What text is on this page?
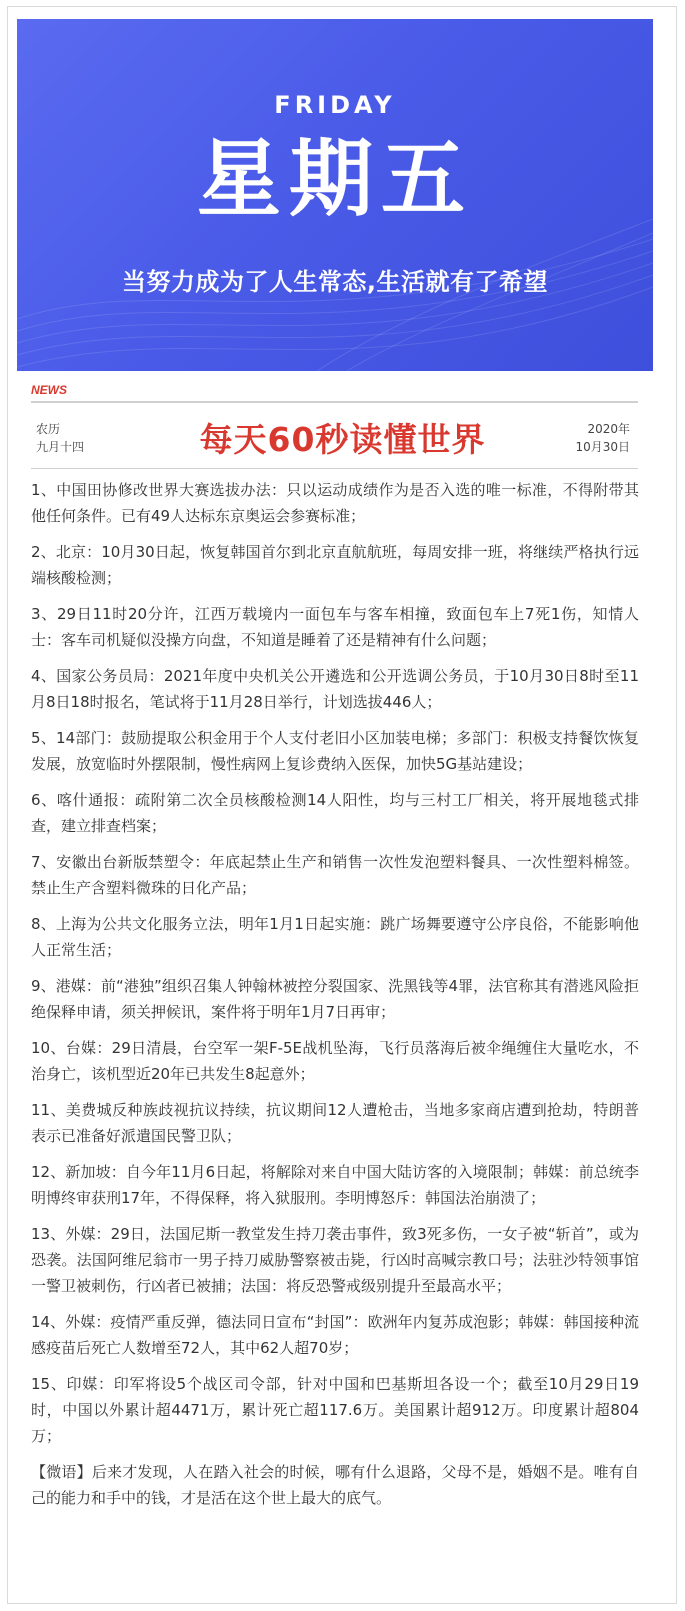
FRIDAY
星期五
当努力成为了人生常态,生活就有了希望
NEWS
农历
九月十四	每天60秒读懂世界	2020年
10月30日

1、中国田协修改世界大赛选拔办法：只以运动成绩作为是否入选的唯一标准，不得附带其他任何条件。已有49人达标东京奥运会参赛标准；

2、北京：10月30日起，恢复韩国首尔到北京直航航班，每周安排一班，将继续严格执行远端核酸检测；

3、29日11时20分许，江西万载境内一面包车与客车相撞，致面包车上7死1伤，知情人士：客车司机疑似没操方向盘，不知道是睡着了还是精神有什么问题；

4、国家公务员局：2021年度中央机关公开遴选和公开选调公务员，于10月30日8时至11月8日18时报名，笔试将于11月28日举行，计划选拔446人；

5、14部门：鼓励提取公积金用于个人支付老旧小区加装电梯；多部门：积极支持餐饮恢复发展，放宽临时外摆限制，慢性病网上复诊费纳入医保，加快5G基站建设；

6、喀什通报：疏附第二次全员核酸检测14人阳性，均与三村工厂相关，将开展地毯式排查，建立排查档案；

7、安徽出台新版禁塑令：年底起禁止生产和销售一次性发泡塑料餐具、一次性塑料棉签。禁止生产含塑料微珠的日化产品；

8、上海为公共文化服务立法，明年1月1日起实施：跳广场舞要遵守公序良俗，不能影响他人正常生活；

9、港媒：前“港独”组织召集人钟翰林被控分裂国家、洗黑钱等4罪，法官称其有潜逃风险拒绝保释申请，须关押候讯，案件将于明年1月7日再审；

10、台媒：29日清晨，台空军一架F-5E战机坠海，飞行员落海后被伞绳缠住大量吃水，不治身亡，该机型近20年已共发生8起意外；

11、美费城反种族歧视抗议持续，抗议期间12人遭枪击，当地多家商店遭到抢劫，特朗普表示已准备好派遣国民警卫队；

12、新加坡：自今年11月6日起，将解除对来自中国大陆访客的入境限制；韩媒：前总统李明博终审获刑17年，不得保释，将入狱服刑。李明博怒斥：韩国法治崩溃了；

13、外媒：29日，法国尼斯一教堂发生持刀袭击事件，致3死多伤，一女子被“斩首”，或为恐袭。法国阿维尼翁市一男子持刀威胁警察被击毙，行凶时高喊宗教口号；法驻沙特领事馆一警卫被刺伤，行凶者已被捕；法国：将反恐警戒级别提升至最高水平；

14、外媒：疫情严重反弹，德法同日宣布“封国”：欧洲年内复苏成泡影；韩媒：韩国接种流感疫苗后死亡人数增至72人，其中62人超70岁；

15、印媒：印军将设5个战区司令部，针对中国和巴基斯坦各设一个；截至10月29日19时，中国以外累计超4471万，累计死亡超117.6万。美国累计超912万。印度累计超804万；

【微语】后来才发现，人在踏入社会的时候，哪有什么退路，父母不是，婚姻不是。唯有自己的能力和手中的钱，才是活在这个世上最大的底气。
